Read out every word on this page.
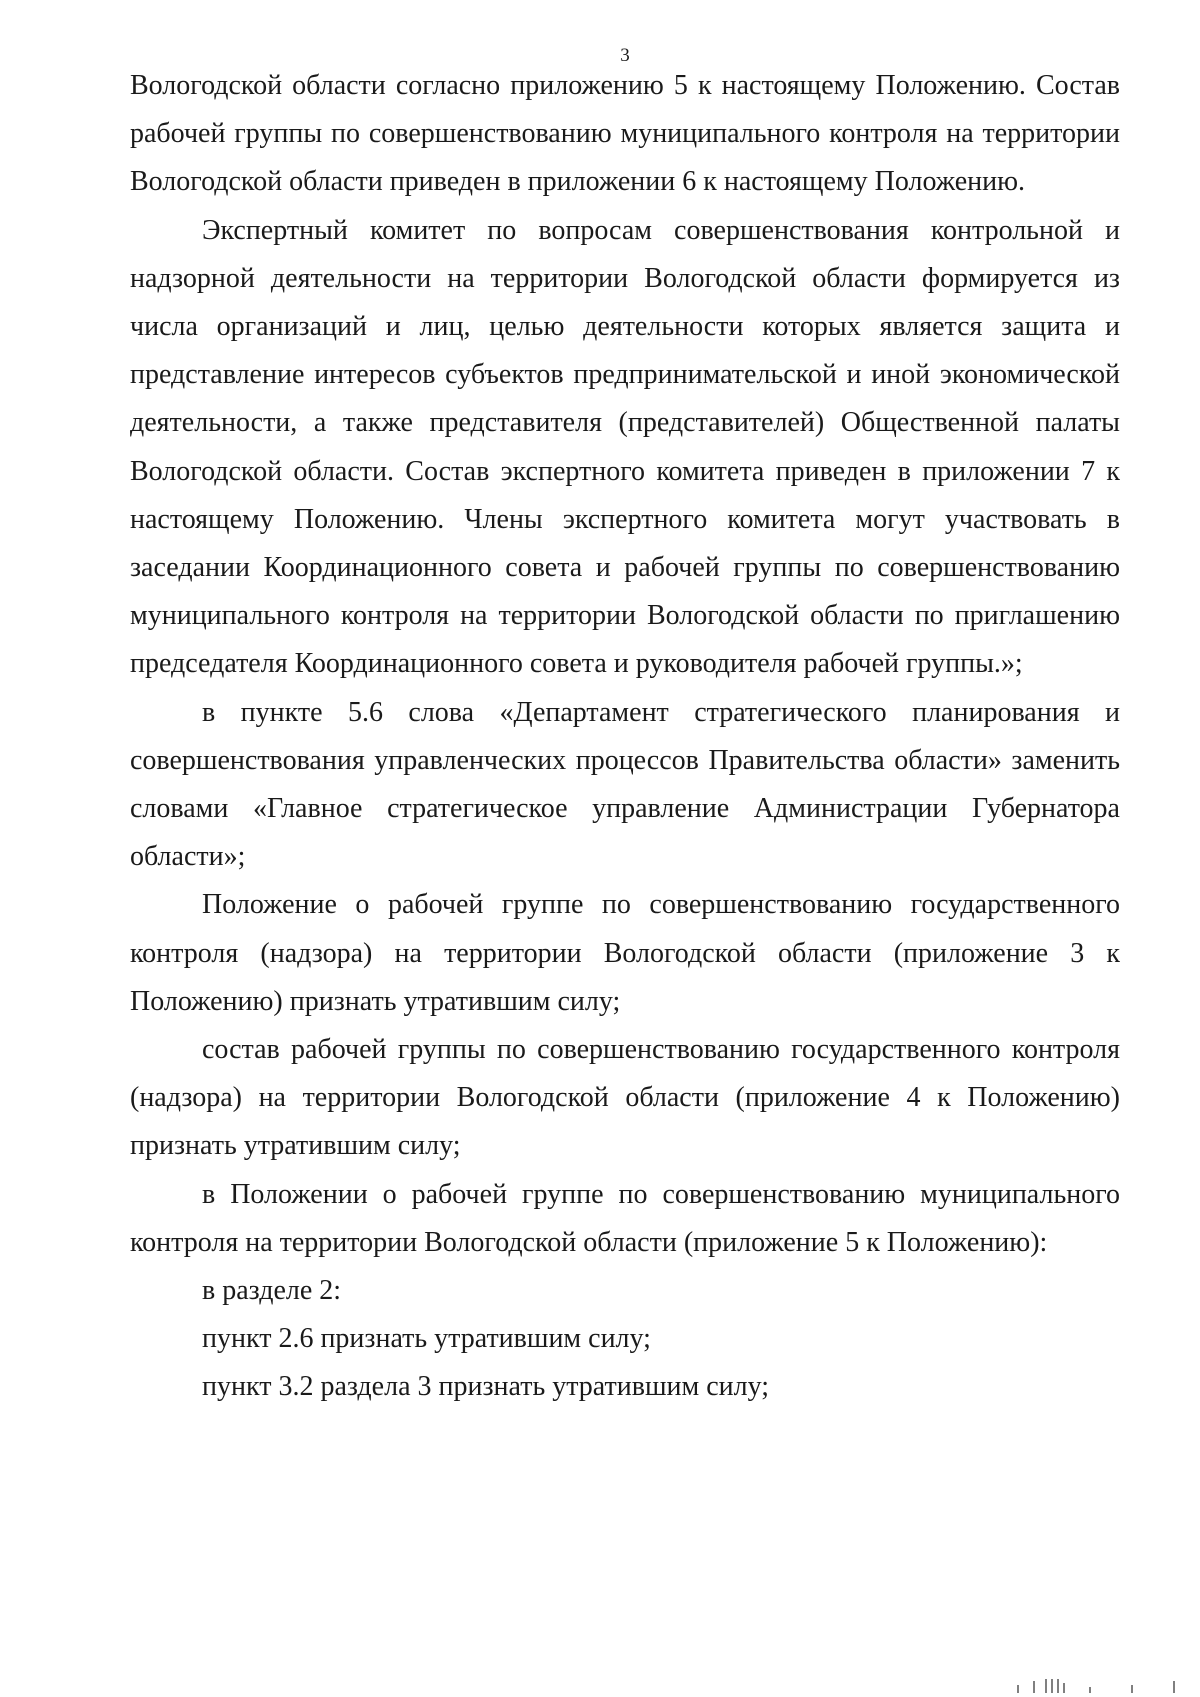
3

Вологодской области согласно приложению 5 к настоящему Положению. Состав рабочей группы по совершенствованию муниципального контроля на территории Вологодской области приведен в приложении 6 к настоящему Положению.

Экспертный комитет по вопросам совершенствования контрольной и надзорной деятельности на территории Вологодской области формируется из числа организаций и лиц, целью деятельности которых является защита и представление интересов субъектов предпринимательской и иной экономической деятельности, а также представителя (представителей) Общественной палаты Вологодской области. Состав экспертного комитета приведен в приложении 7 к настоящему Положению. Члены экспертного комитета могут участвовать в заседании Координационного совета и рабочей группы по совершенствованию муниципального контроля на территории Вологодской области по приглашению председателя Координационного совета и руководителя рабочей группы.»;

в пункте 5.6 слова «Департамент стратегического планирования и совершенствования управленческих процессов Правительства области» заменить словами «Главное стратегическое управление Администрации Губернатора области»;

Положение о рабочей группе по совершенствованию государственного контроля (надзора) на территории Вологодской области (приложение 3 к Положению) признать утратившим силу;

состав рабочей группы по совершенствованию государственного контроля (надзора) на территории Вологодской области (приложение 4 к Положению) признать утратившим силу;

в Положении о рабочей группе по совершенствованию муниципального контроля на территории Вологодской области (приложение 5 к Положению):

в разделе 2:

пункт 2.6 признать утратившим силу;

пункт 3.2 раздела 3 признать утратившим силу;
